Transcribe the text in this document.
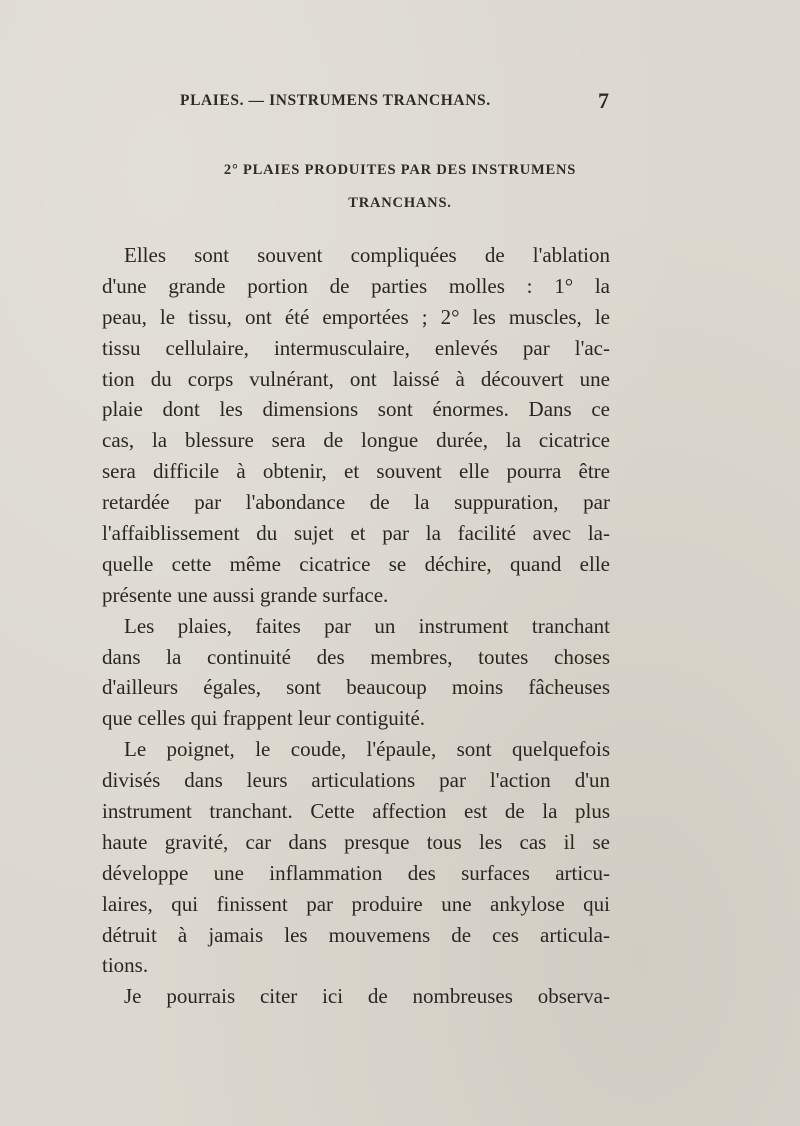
PLAIES. — INSTRUMENS TRANCHANS.	7
2° PLAIES PRODUITES PAR DES INSTRUMENS
TRANCHANS.
Elles sont souvent compliquées de l'ablation
d'une grande portion de parties molles : 1° la
peau, le tissu, ont été emportées ; 2° les muscles, le
tissu cellulaire, intermusculaire, enlevés par l'ac-
tion du corps vulnérant, ont laissé à découvert une
plaie dont les dimensions sont énormes. Dans ce
cas, la blessure sera de longue durée, la cicatrice
sera difficile à obtenir, et souvent elle pourra être
retardée par l'abondance de la suppuration, par
l'affaiblissement du sujet et par la facilité avec la-
quelle cette même cicatrice se déchire, quand elle
présente une aussi grande surface.
Les plaies, faites par un instrument tranchant
dans la continuité des membres, toutes choses
d'ailleurs égales, sont beaucoup moins fâcheuses
que celles qui frappent leur contiguité.
Le poignet, le coude, l'épaule, sont quelquefois
divisés dans leurs articulations par l'action d'un
instrument tranchant. Cette affection est de la plus
haute gravité, car dans presque tous les cas il se
développe une inflammation des surfaces articu-
laires, qui finissent par produire une ankylose qui
détruit à jamais les mouvemens de ces articula-
tions.
Je pourrais citer ici de nombreuses observa-
